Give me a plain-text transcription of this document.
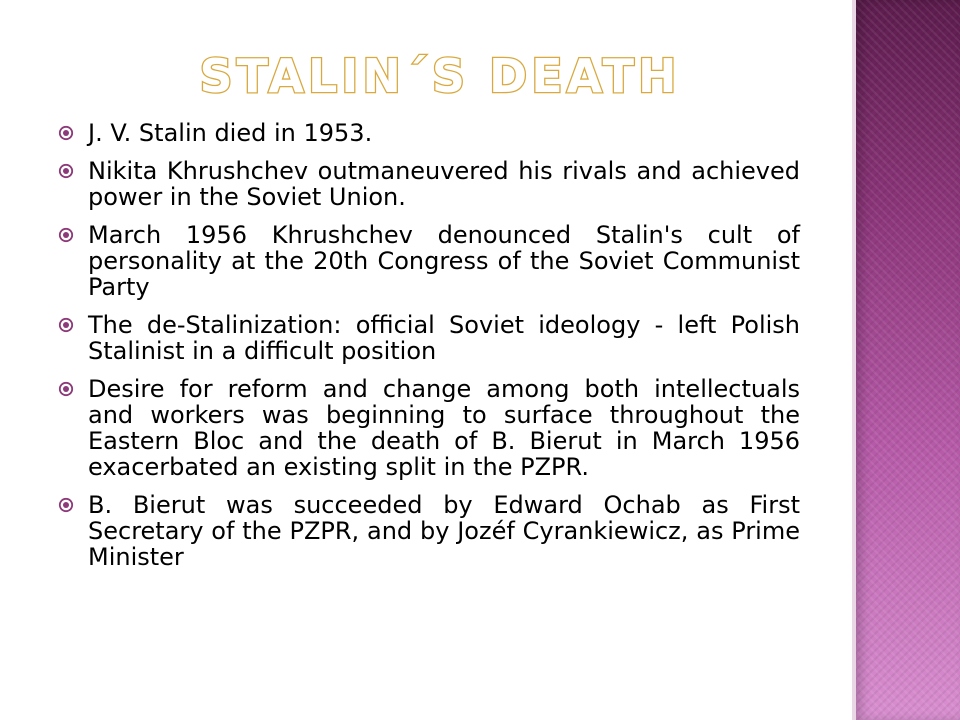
STALIN´S DEATH
J. V. Stalin died in 1953.
Nikita Khrushchev outmaneuvered his rivals and achieved power in the Soviet Union.
March 1956 Khrushchev denounced Stalin's cult of personality at the 20th Congress of the Soviet Communist Party
The de-Stalinization: official Soviet ideology - left Polish Stalinist in a difficult position
Desire for reform and change among both intellectuals and workers was beginning to surface throughout the Eastern Bloc and the death of B. Bierut in March 1956 exacerbated an existing split in the PZPR.
B. Bierut was succeeded by Edward Ochab as First Secretary of the PZPR, and by Jozéf Cyrankiewicz, as Prime Minister
